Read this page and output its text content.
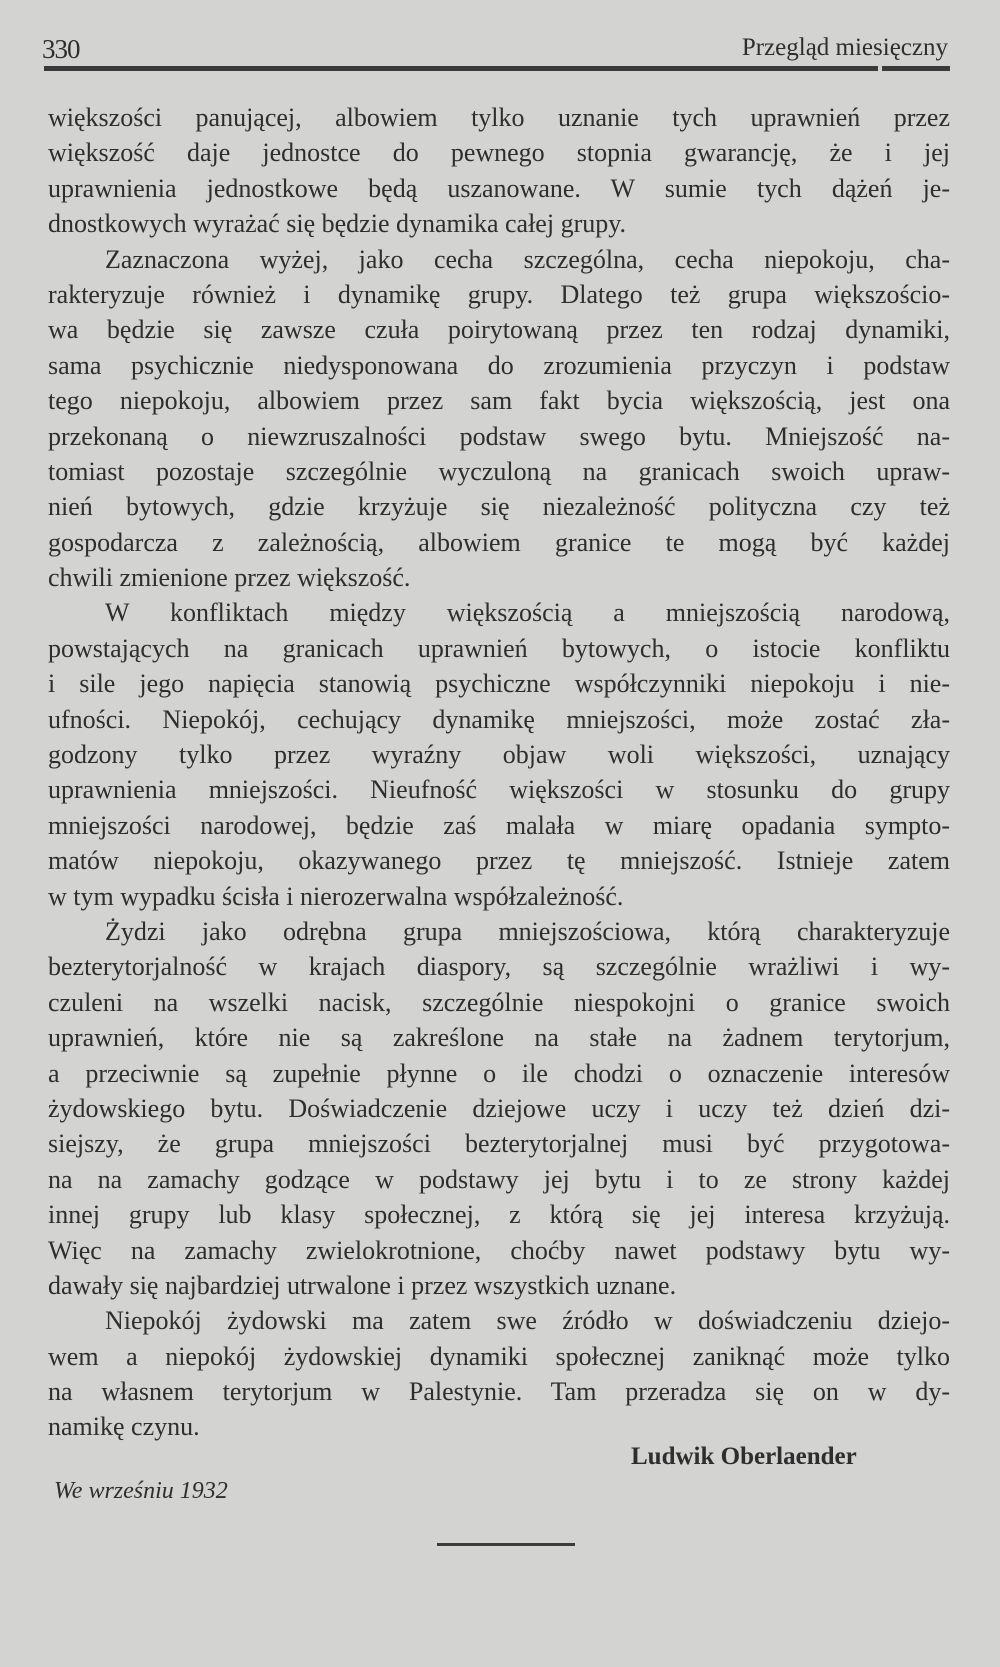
330	Przegląd miesięczny
większości panującej, albowiem tylko uznanie tych uprawnień przez
większość daje jednostce do pewnego stopnia gwarancję, że i jej
uprawnienia jednostkowe będą uszanowane. W sumie tych dążeń je-
dnostkowych wyrażać się będzie dynamika całej grupy.
Zaznaczona wyżej, jako cecha szczególna, cecha niepokoju, cha-
rakteryzuje również i dynamikę grupy. Dlatego też grupa większościo-
wa będzie się zawsze czuła poirytowaną przez ten rodzaj dynamiki,
sama psychicznie niedysponowana do zrozumienia przyczyn i podstaw
tego niepokoju, albowiem przez sam fakt bycia większością, jest ona
przekonaną o niewzruszalności podstaw swego bytu. Mniejszość na-
tomiast pozostaje szczególnie wyczuloną na granicach swoich upraw-
nień bytowych, gdzie krzyżuje się niezależność polityczna czy też
gospodarcza z zależnością, albowiem granice te mogą być każdej
chwili zmienione przez większość.
W konfliktach między większością a mniejszością narodową,
powstających na granicach uprawnień bytowych, o istocie konfliktu
i sile jego napięcia stanowią psychiczne współczynniki niepokoju i nie-
ufności. Niepokój, cechujący dynamikę mniejszości, może zostać zła-
godzony tylko przez wyraźny objaw woli większości, uznający
uprawnienia mniejszości. Nieufność większości w stosunku do grupy
mniejszości narodowej, będzie zaś malała w miarę opadania sympto-
matów niepokoju, okazywanego przez tę mniejszość. Istnieje zatem
w tym wypadku ścisła i nierozerwalna współzależność.
Żydzi jako odrębna grupa mniejszościowa, którą charakteryzuje
bezterytorjalność w krajach diaspory, są szczególnie wrażliwi i wy-
czuleni na wszelki nacisk, szczególnie niespokojni o granice swoich
uprawnień, które nie są zakreślone na stałe na żadnem terytorjum,
a przeciwnie są zupełnie płynne o ile chodzi o oznaczenie interesów
żydowskiego bytu. Doświadczenie dziejowe uczy i uczy też dzień dzi-
siejszy, że grupa mniejszości bezterytorjalnej musi być przygotowa-
na na zamachy godzące w podstawy jej bytu i to ze strony każdej
innej grupy lub klasy społecznej, z którą się jej interesa krzyżują.
Więc na zamachy zwielokrotnione, choćby nawet podstawy bytu wy-
dawały się najbardziej utrwalone i przez wszystkich uznane.
Niepokój żydowski ma zatem swe źródło w doświadczeniu dziejo-
wem a niepokój żydowskiej dynamiki społecznej zaniknąć może tylko
na własnem terytorjum w Palestynie. Tam przeradza się on w dy-
namikę czynu.
Ludwik Oberlaender
We wrześniu 1932
